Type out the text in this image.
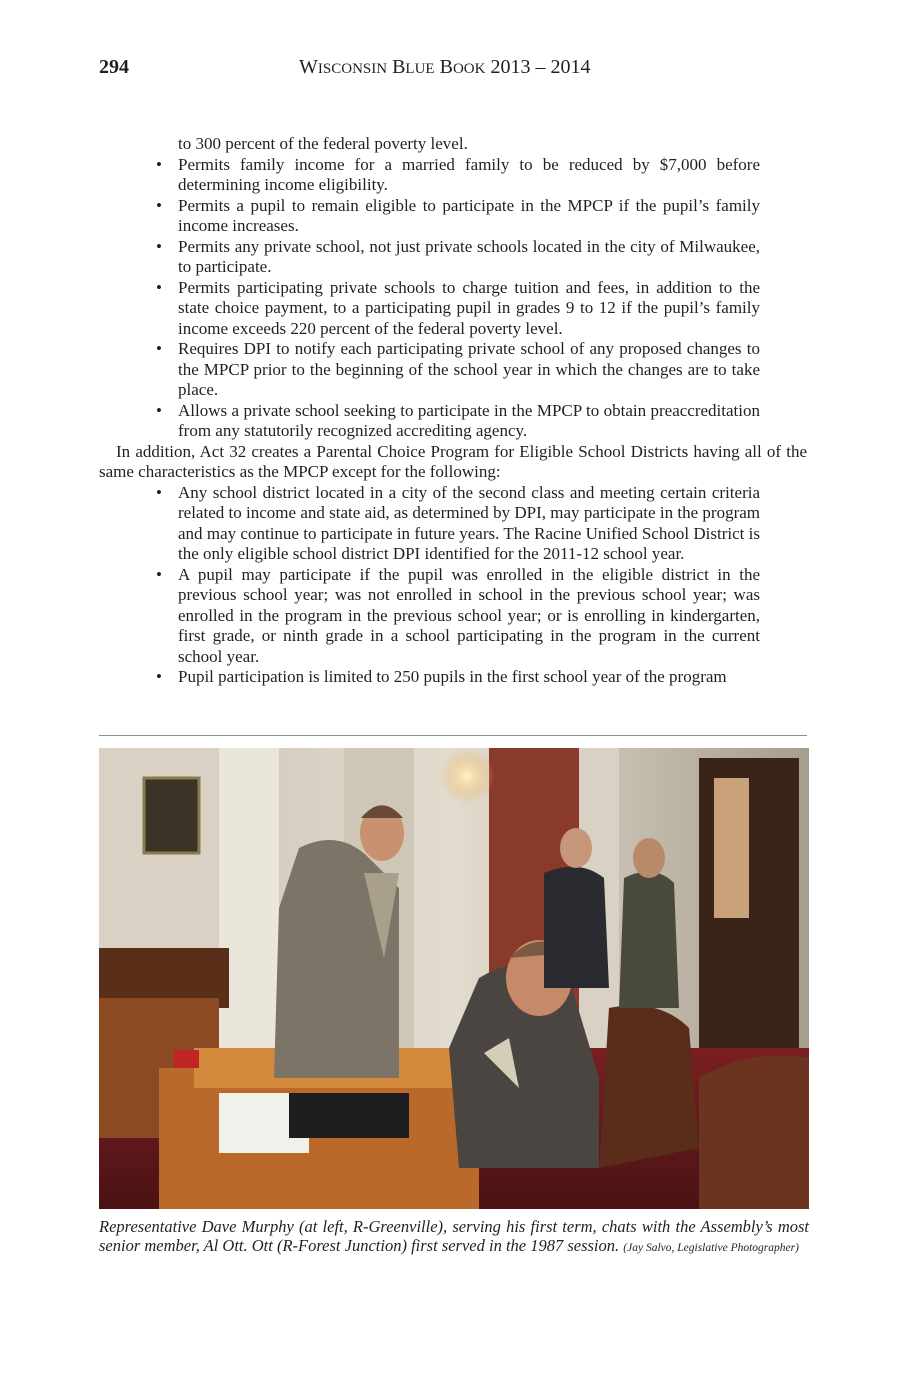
294	WISCONSIN BLUE BOOK 2013 – 2014
to 300 percent of the federal poverty level.
• Permits family income for a married family to be reduced by $7,000 before determining income eligibility.
• Permits a pupil to remain eligible to participate in the MPCP if the pupil’s family income increases.
• Permits any private school, not just private schools located in the city of Milwaukee, to participate.
• Permits participating private schools to charge tuition and fees, in addition to the state choice payment, to a participating pupil in grades 9 to 12 if the pupil’s family income exceeds 220 percent of the federal poverty level.
• Requires DPI to notify each participating private school of any proposed changes to the MPCP prior to the beginning of the school year in which the changes are to take place.
• Allows a private school seeking to participate in the MPCP to obtain preaccreditation from any statutorily recognized accrediting agency.

In addition, Act 32 creates a Parental Choice Program for Eligible School Districts having all of the same characteristics as the MPCP except for the following:

• Any school district located in a city of the second class and meeting certain criteria related to income and state aid, as determined by DPI, may participate in the program and may continue to participate in future years. The Racine Unified School District is the only eligible school district DPI identified for the 2011-12 school year.
• A pupil may participate if the pupil was enrolled in the eligible district in the previous school year; was not enrolled in school in the previous school year; was enrolled in the program in the previous school year; or is enrolling in kindergarten, first grade, or ninth grade in a school participating in the program in the current school year.
• Pupil participation is limited to 250 pupils in the first school year of the program
Representative Dave Murphy (at left, R-Greenville), serving his first term, chats with the Assembly’s most senior member, Al Ott. Ott (R-Forest Junction) first served in the 1987 session. (Jay Salvo, Legislative Photographer)
